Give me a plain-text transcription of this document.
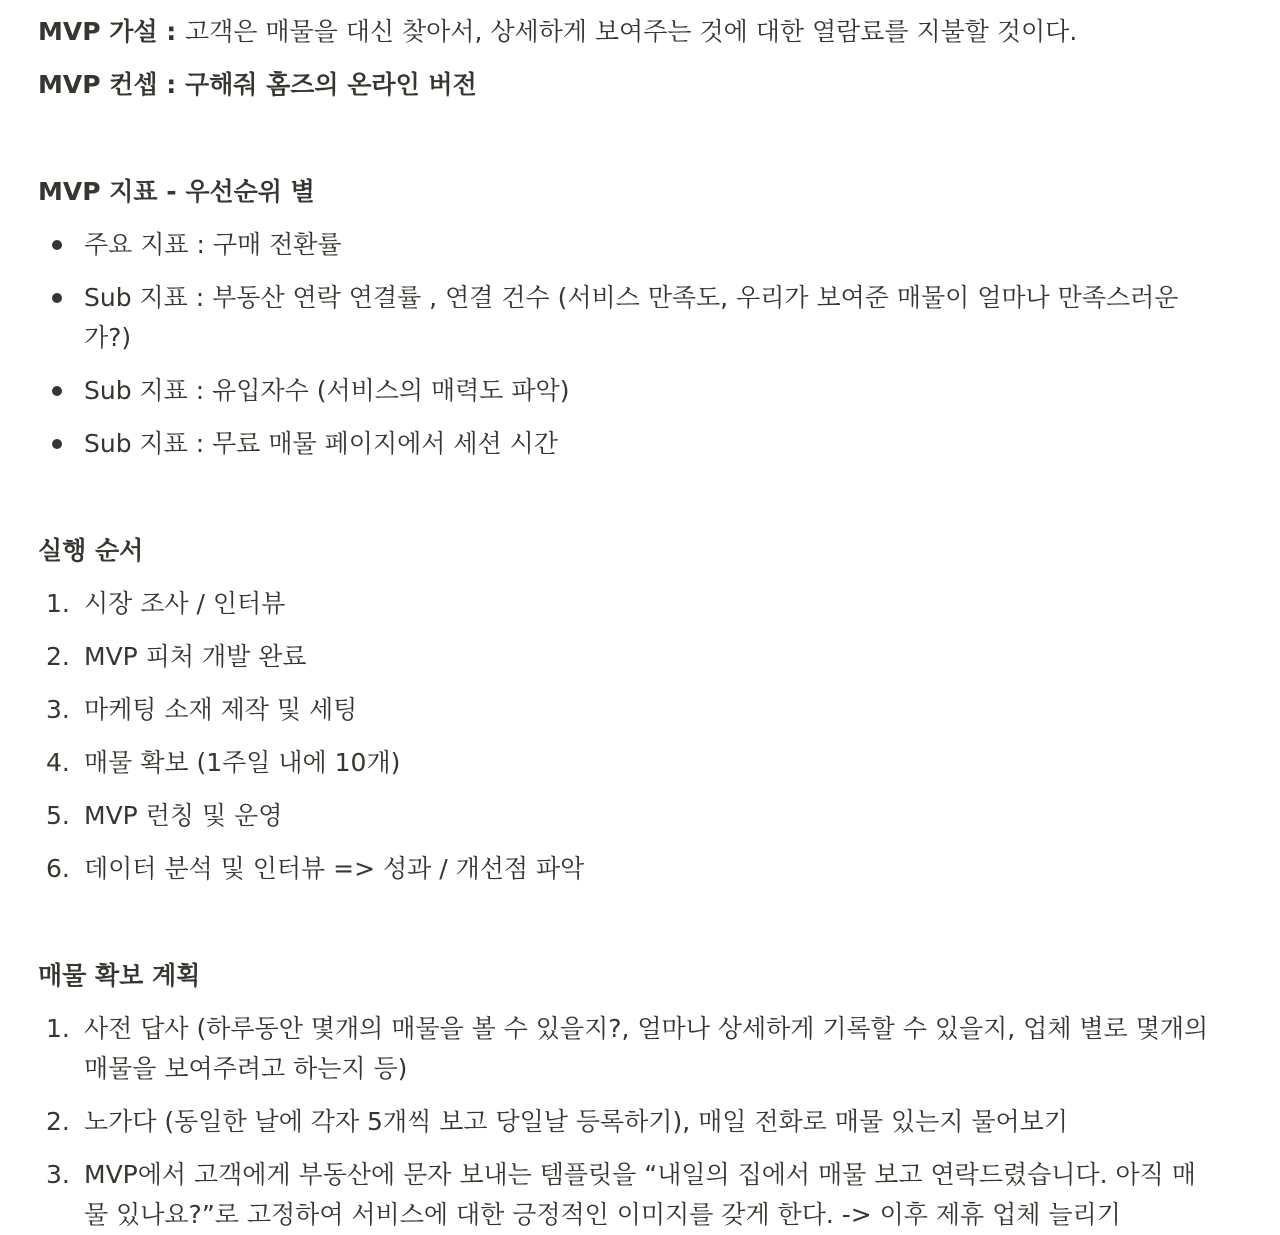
MVP 가설 : 고객은 매물을 대신 찾아서, 상세하게 보여주는 것에 대한 열람료를 지불할 것이다.

MVP 컨셉 : 구해줘 홈즈의 온라인 버전

MVP 지표 - 우선순위 별

주요 지표 : 구매 전환률
Sub 지표 : 부동산 연락 연결률 , 연결 건수 (서비스 만족도, 우리가 보여준 매물이 얼마나 만족스러운가?)
Sub 지표 : 유입자수 (서비스의 매력도 파악)
Sub 지표 : 무료 매물 페이지에서 세션 시간

실행 순서

1. 시장 조사 / 인터뷰
2. MVP 피처 개발 완료
3. 마케팅 소재 제작 및 세팅
4. 매물 확보 (1주일 내에 10개)
5. MVP 런칭 및 운영
6. 데이터 분석 및 인터뷰 => 성과 / 개선점 파악

매물 확보 계획

1. 사전 답사 (하루동안 몇개의 매물을 볼 수 있을지?, 얼마나 상세하게 기록할 수 있을지, 업체 별로 몇개의 매물을 보여주려고 하는지 등)
2. 노가다 (동일한 날에 각자 5개씩 보고 당일날 등록하기), 매일 전화로 매물 있는지 물어보기
3. MVP에서 고객에게 부동산에 문자 보내는 템플릿을 “내일의 집에서 매물 보고 연락드렸습니다. 아직 매물 있나요?”로 고정하여 서비스에 대한 긍정적인 이미지를 갖게 한다. -> 이후 제휴 업체 늘리기
